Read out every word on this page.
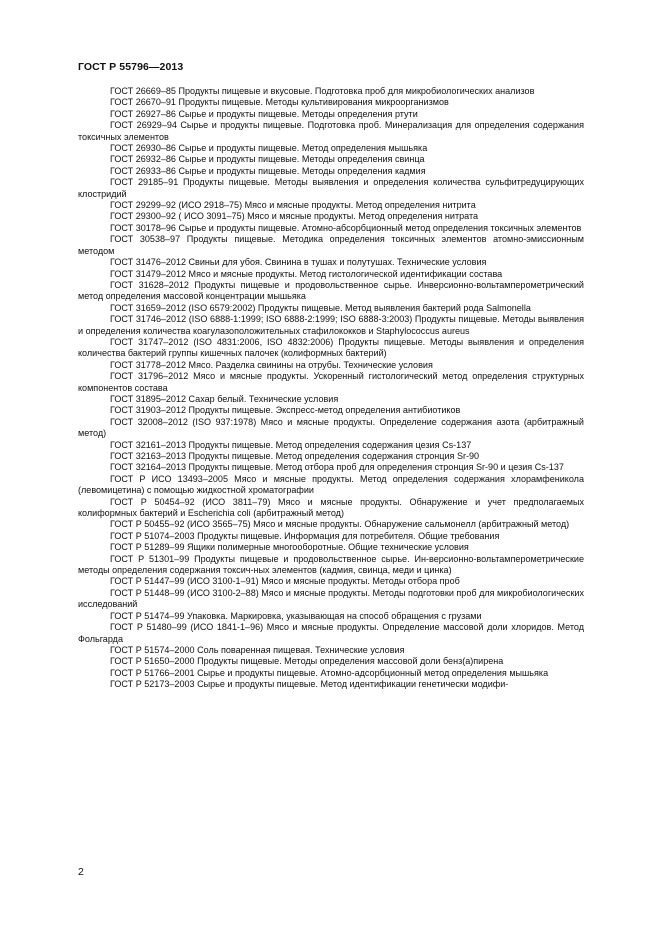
ГОСТ Р 55796—2013

ГОСТ 26669–85 Продукты пищевые и вкусовые. Подготовка проб для микробиологических анализов

ГОСТ 26670–91 Продукты пищевые. Методы культивирования микроорганизмов

ГОСТ 26927–86 Сырье и продукты пищевые. Методы определения ртути

ГОСТ 26929–94 Сырье и продукты пищевые. Подготовка проб. Минерализация для определения содержания токсичных элементов

ГОСТ 26930–86 Сырье и продукты пищевые. Метод определения мышьяка

ГОСТ 26932–86 Сырье и продукты пищевые. Методы определения свинца

ГОСТ 26933–86 Сырье и продукты пищевые. Методы определения кадмия

ГОСТ 29185–91 Продукты пищевые. Методы выявления и определения количества сульфитредуцирующих клостридий

ГОСТ 29299–92 (ИСО 2918–75) Мясо и мясные продукты. Метод определения нитрита

ГОСТ 29300–92 ( ИСО 3091–75) Мясо и мясные продукты. Метод определения нитрата

ГОСТ 30178–96 Сырье и продукты пищевые. Атомно-абсорбционный метод определения токсичных элементов

ГОСТ 30538–97 Продукты пищевые. Методика определения токсичных элементов атомно-эмиссионным методом

ГОСТ 31476–2012 Свиньи для убоя. Свинина в тушах и полутушах. Технические условия

ГОСТ 31479–2012 Мясо и мясные продукты. Метод гистологической идентификации состава

ГОСТ 31628–2012 Продукты пищевые и продовольственное сырье. Инверсионно-вольтамперометрический метод определения массовой концентрации мышьяка

ГОСТ 31659–2012 (ISO 6579:2002) Продукты пищевые. Метод выявления бактерий рода Salmonella

ГОСТ 31746–2012 (ISO 6888-1:1999; ISO 6888-2:1999; ISO 6888-3:2003) Продукты пищевые. Методы выявления и определения количества коагулазоположительных стафилококков и Staphylococcus aureus

ГОСТ 31747–2012 (ISO 4831:2006, ISO 4832:2006) Продукты пищевые. Методы выявления и определения количества бактерий группы кишечных палочек (колиформных бактерий)

ГОСТ 31778–2012 Мясо. Разделка свинины на отрубы. Технические условия

ГОСТ 31796–2012 Мясо и мясные продукты. Ускоренный гистологический метод определения структурных компонентов состава

ГОСТ 31895–2012 Сахар белый. Технические условия

ГОСТ 31903–2012 Продукты пищевые. Экспресс-метод определения антибиотиков

ГОСТ 32008–2012 (ISO 937:1978) Мясо и мясные продукты. Определение содержания азота (арбитражный метод)

ГОСТ 32161–2013 Продукты пищевые. Метод определения содержания цезия Cs-137

ГОСТ 32163–2013 Продукты пищевые. Метод определения содержания стронция Sr-90

ГОСТ 32164–2013 Продукты пищевые. Метод отбора проб для определения стронция Sr-90 и цезия Cs-137

ГОСТ Р ИСО 13493–2005 Мясо и мясные продукты. Метод определения содержания хлорамфеникола (левомицетина) с помощью жидкостной хроматографии

ГОСТ Р 50454–92 (ИСО 3811–79) Мясо и мясные продукты. Обнаружение и учет предполагаемых колиформных бактерий и Escherichia coli (арбитражный метод)

ГОСТ Р 50455–92 (ИСО 3565–75) Мясо и мясные продукты. Обнаружение сальмонелл (арбитражный метод)

ГОСТ Р 51074–2003 Продукты пищевые. Информация для потребителя. Общие требования

ГОСТ Р 51289–99 Ящики полимерные многооборотные. Общие технические условия

ГОСТ Р 51301–99 Продукты пищевые и продовольственное сырье. Ин-версионно-вольтамперометрические методы определения содержания токсич-ных элементов (кадмия, свинца, меди и цинка)

ГОСТ Р 51447–99 (ИСО 3100-1–91) Мясо и мясные продукты. Методы отбора проб

ГОСТ Р 51448–99 (ИСО 3100-2–88) Мясо и мясные продукты. Методы подготовки проб для микробиологических исследований

ГОСТ Р 51474–99 Упаковка. Маркировка, указывающая на способ обращения с грузами

ГОСТ Р 51480–99 (ИСО 1841-1–96) Мясо и мясные продукты. Определение массовой доли хлоридов. Метод Фольгарда

ГОСТ Р 51574–2000 Соль поваренная пищевая. Технические условия

ГОСТ Р 51650–2000 Продукты пищевые. Методы определения массовой доли бенз(а)пирена

ГОСТ Р 51766–2001 Сырье и продукты пищевые. Атомно-адсорбционный метод определения мышьяка

ГОСТ Р 52173–2003 Сырье и продукты пищевые. Метод идентификации генетически модифи-

2
